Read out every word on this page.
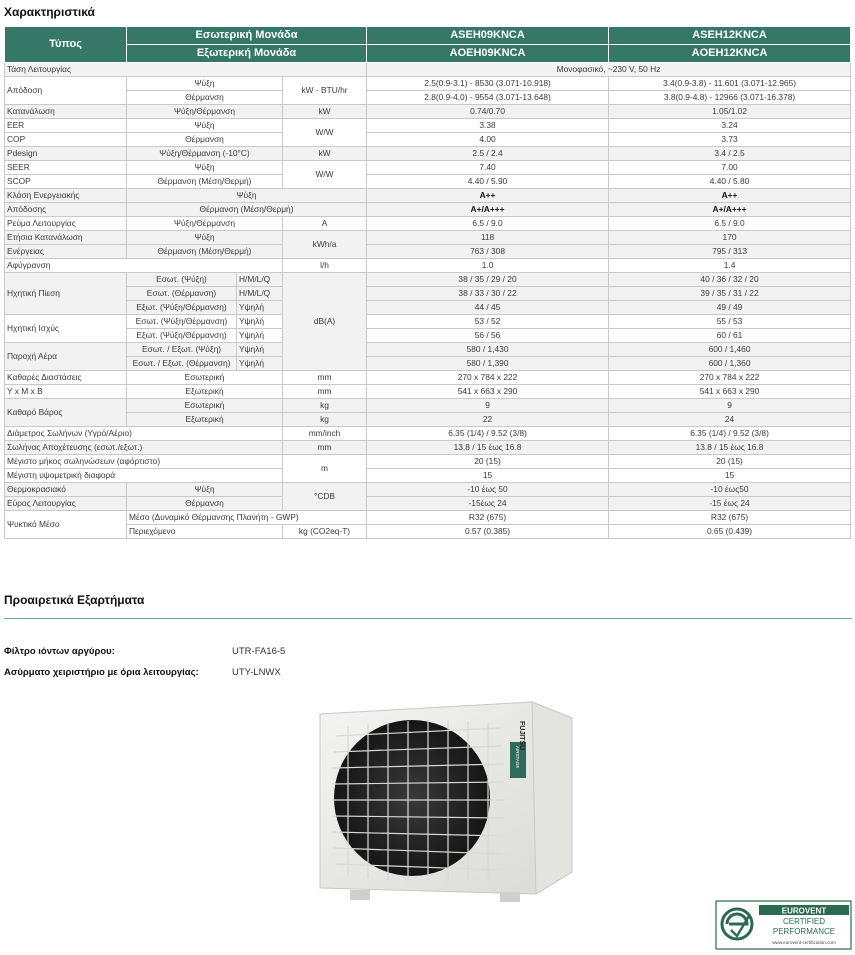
Χαρακτηριστικά
Τύπος	Εσωτερική Μονάδα			ASEH09KNCA	ASEH12KNCA
	Εξωτερική Μονάδα			AOEH09KNCA	AOEH12KNCA
Τάση Λειτουργίας				Μονοφασικό, ~230 V, 50 Hz	
Απόδοση	Ψύξη		kW - BTU/hr	2.5(0.9-3.1) - 8530 (3.071-10.918)	3.4(0.9-3.8) - 11.601 (3.071-12.965)
	Θέρμανση			2.8(0.9-4.0) - 9554 (3.071-13.648)	3.8(0.9-4.8) - 12966 (3.071-16.378)
Κατανάλωση	Ψύξη/Θέρμανση		kW	0.74/0.70	1.05/1.02
EER	Ψύξη		W/W	3.38	3.24
COP	Θέρμανση			4.00	3.73
Pdesign	Ψύξη/Θέρμανση (-10°C)		kW	2.5 / 2.4	3.4 / 2.5
SEER	Ψύξη		W/W	7.40	7.00
SCOP	Θέρμανση (Μέση/Θερμή)			4.40 / 5.90	4.40 / 5.80
Κλάση Ενεργειακής	Ψύξη			A++	A++
Απόδοσης	Θέρμανση (Μέση/Θερμή)			A+/A+++	A+/A+++
Ρεύμα Λειτουργίας	Ψύξη/Θέρμανση		A	6.5 / 9.0	6.5 / 9.0
Ετήσια Κατανάλωση	Ψύξη		kWh/a	118	170
Ενέργειας	Θέρμανση (Μέση/Θερμή)			763 / 308	795 / 313
Αφύγρανση			l/h	1.0	1.4
Ηχητική Πίεση	Εσωτ. (Ψύξη)	H/M/L/Q	dB(A)	38 / 35 / 29 / 20	40 / 36 / 32 / 20
	Εσωτ. (Θέρμανση)	H/M/L/Q		38 / 33 / 30 / 22	39 / 35 / 31 / 22
	Εξωτ. (Ψύξη/Θέρμανση)	Υψηλή		44 / 45	49 / 49
Ηχητική Ισχύς	Εσωτ. (Ψύξη/Θέρμανση)	Υψηλή		53 / 52	55 / 53
	Εξωτ. (Ψύξη/Θέρμανση)	Υψηλή		56 / 56	60 / 61
Παροχή Αέρα	Εσωτ. / Εξωτ. (Ψύξη)	Υψηλή		580 / 1,430	600 / 1,460
	Εσωτ. / Εξωτ. (Θέρμανση)	Υψηλή		580 / 1,390	600 / 1,360
Καθαρές Διαστάσεις	Εσωτερική		mm	270 x 784 x 222	270 x 784 x 222
Υ x Μ x Β	Εξωτερική		mm	541 x 663 x 290	541 x 663 x 290
Καθαρό Βάρος	Εσωτερική		kg	9	9
	Εξωτερική		kg	22	24
Διάμετρος Σωλήνων (Υγρό/Αέριο)			mm/inch	6.35 (1/4) / 9.52 (3/8)	6.35 (1/4) / 9.52 (3/8)
Σωλήνας Αποχέτευσης (εσωτ./εξωτ.)			mm	13.8 / 15 έως 16.8	13.8 / 15 έως 16.8
Μέγιστο μήκος σωληνώσεων (αφόρτιστο)			m	20 (15)	20 (15)
Μέγιστη υψομετρική διαφορά				15	15
Θερμοκρασιακό	Ψύξη		°CDB	-10 έως 50	-10 έως50
Εύρος Λειτουργίας	Θέρμανση			-15έως 24	-15 έως 24
Ψυκτικό Μέσο	Μέσο (Δυναμικό Θέρμανσης Πλανήτη - GWP)			R32 (675)	R32 (675)
	Περιεχόμενο		kg (CO2eq-T)	0.57 (0.385)	0.65 (0.439)
Προαιρετικά Εξαρτήματα
Φίλτρο ιόντων αργύρου:	UTR-FA16-5
Ασύρματο χειριστήριο με όρια λειτουργίας:	UTY-LNWX
FUJITSU
AIRSTAGE
EUROVENT
CERTIFIED
PERFORMANCE
www.eurovent-certification.com
